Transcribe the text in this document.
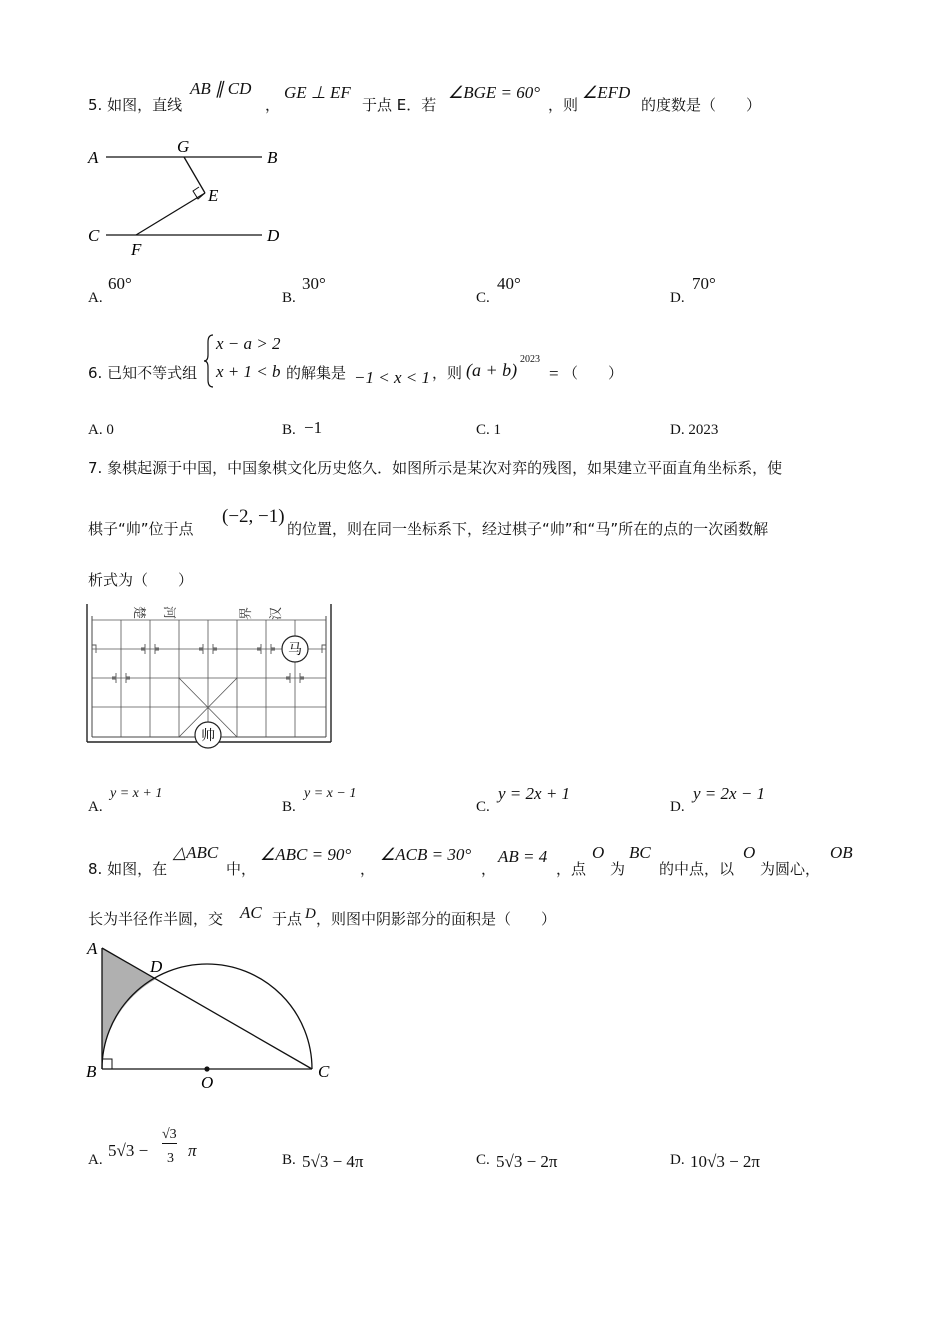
5. 如图，直线
AB ∥ CD
，
GE ⊥ EF
于点 E．若
∠BGE = 60°
，则
∠EFD
的度数是（　　）
A	B
G
E
C	D
F
A.
60°
B.
30°
C.
40°
D.
70°
6. 已知不等式组
x − a > 2
x + 1 < b 的解集是 −1 < x < 1 ，则 (a + b)
2023
= （　　）
A. 0	B. −1	C. 1	D. 2023
7. 象棋起源于中国，中国象棋文化历史悠久．如图所示是某次对弈的残图，如果建立平面直角坐标系，使
棋子“帅”位于点
(−2, −1)
的位置，则在同一坐标系下，经过棋子“帅”和“马”所在的点的一次函数解
析式为（　　）
楚 河	界 汉
马
帅
A.
y = x + 1
B.
y = x − 1
C.
y = 2x + 1
D.
y = 2x − 1
8. 如图，在
△ABC
中，
∠ABC = 90°
，
∠ACB = 30°
，
AB = 4
，点
O
为
BC
的中点，以
O
为圆心，
OB
长为半径作半圆，交 AC 于点 D ，则图中阴影部分的面积是（　　）
A
D
B
O
C
A. 5√3 −
√3
3 π	B. 5√3 − 4π	C. 5√3 − 2π	D. 10√3 − 2π
